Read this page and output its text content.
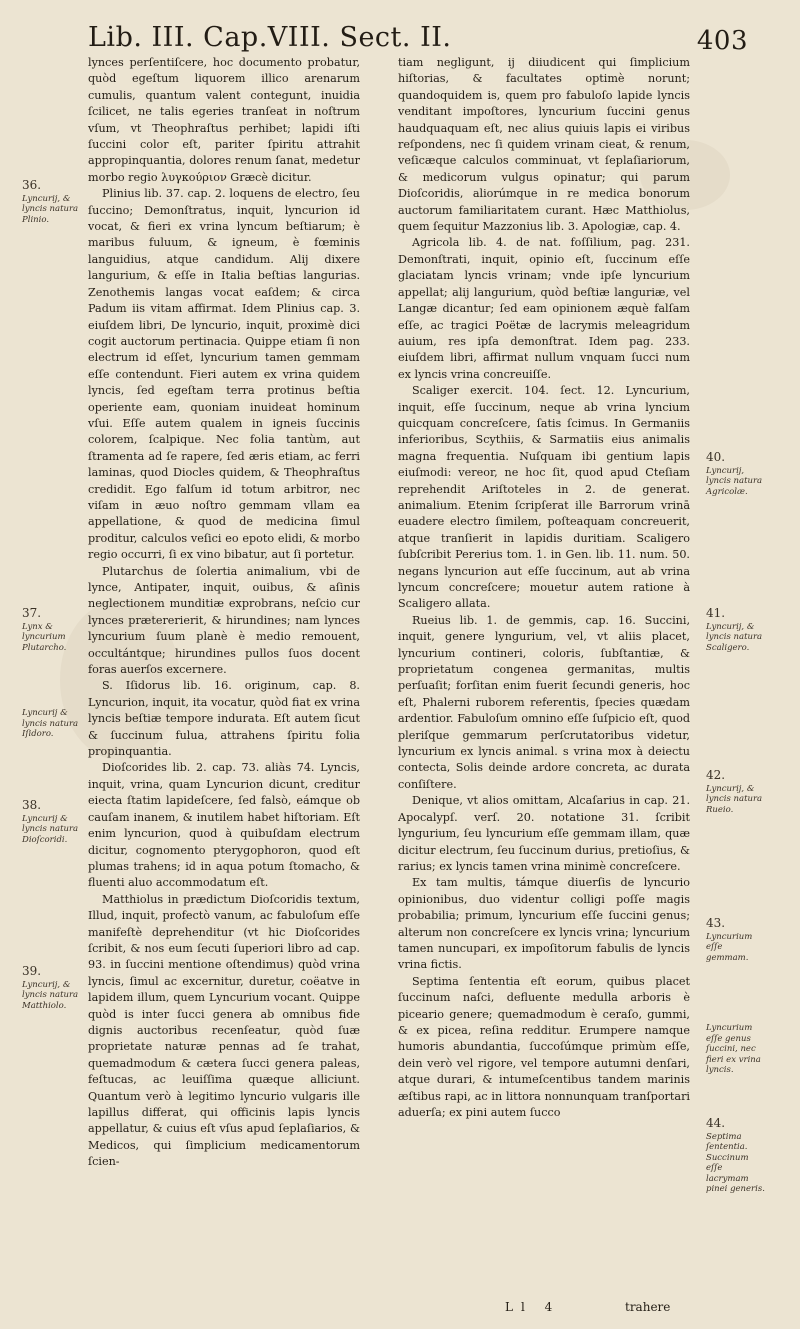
Lib. III. Cap.VIII. Sect. II.	403

lynces perſentiſcere, hoc documento probatur, quòd egeſtum liquorem illico arenarum cumulis, quantum valent contegunt, inuidia ſcilicet, ne talis egeries tranſeat in noſtrum vſum, vt Theophraſtus perhibet; lapidi iſti ſuccini color eſt, pariter ſpiritu attrahit appropinquantia, dolores renum ſanat, medetur morbo regio λυγκούριον Græcè dicitur.

Plinius lib. 37. cap. 2. loquens de electro, ſeu ſuccino; Demonſtratus, inquit, lyncurion id vocat, & fieri ex vrina lyncum beſtiarum; è maribus fuluum, & igneum, è fœminis languidius, atque candidum. Alij dixere langurium, & eſſe in Italia beſtias langurias. Zenothemis langas vocat eaſdem; & circa Padum iis vitam affirmat. Idem Plinius cap. 3. eiuſdem libri, De lyncurio, inquit, proximè dici cogit auctorum pertinacia. Quippe etiam ſi non electrum id eſſet, lyncurium tamen gemmam eſſe contendunt. Fieri autem ex vrina quidem lyncis, ſed egeſtam terra protinus beſtia operiente eam, quoniam inuideat hominum vſui. Eſſe autem qualem in igneis ſuccinis colorem, ſcalpique. Nec folia tantùm, aut ſtramenta ad ſe rapere, ſed æris etiam, ac ferri laminas, quod Diocles quidem, & Theophraſtus credidit. Ego falſum id totum arbitror, nec viſam in æuo noſtro gemmam vllam ea appellatione, & quod de medicina ſimul proditur, calculos veſici eo epoto elidi, & morbo regio occurri, ſi ex vino bibatur, aut ſi portetur.

Plutarchus de ſolertia animalium, vbi de lynce, Antipater, inquit, ouibus, & aſinis neglectionem munditiæ exprobrans, neſcio cur lynces prætererierit, & hirundines; nam lynces lyncurium ſuum planè è medio remouent, occultántque; hirundines pullos ſuos docent foras auerſos excernere.

S. Iſidorus lib. 16. originum, cap. 8. Lyncurion, inquit, ita vocatur, quòd fiat ex vrina lyncis beſtiæ tempore indurata. Eſt autem ſicut & ſuccinum fulua, attrahens ſpiritu folia propinquantia.

Dioſcorides lib. 2. cap. 73. aliàs 74. Lyncis, inquit, vrina, quam Lyncurion dicunt, creditur eiecta ſtatim lapideſcere, ſed falsò, eámque ob cauſam inanem, & inutilem habet hiſtoriam. Eſt enim lyncurion, quod à quibuſdam electrum dicitur, cognomento pterygophoron, quod eſt plumas trahens; id in aqua potum ſtomacho, & fluenti aluo accommodatum eſt.

Matthiolus in prædictum Dioſcoridis textum, Illud, inquit, profectò vanum, ac fabuloſum eſſe manifeſtè deprehenditur (vt hic Dioſcorides ſcribit, & nos eum ſecuti ſuperiori libro ad cap. 93. in ſuccini mentione oſtendimus) quòd vrina lyncis, ſimul ac excernitur, duretur, coëatve in lapidem illum, quem Lyncurium vocant. Quippe quòd is inter ſucci genera ab omnibus fide dignis auctoribus recenſeatur, quòd ſuæ proprietate naturæ pennas ad ſe trahat, quemadmodum & cætera ſucci genera paleas, feſtucas, ac leuiſſima quæque alliciunt. Quantum verò à legitimo lyncurio vulgaris ille lapillus differat, qui officinis lapis lyncis appellatur, & cuius eſt vſus apud ſeplaſiarios, & Medicos, qui ſimplicium medicamentorum ſcien-

tiam negligunt, ij diiudicent qui ſimplicium hiſtorias, & facultates optimè norunt; quandoquidem is, quem pro fabuloſo lapide lyncis venditant impoſtores, lyncurium ſuccini genus haudquaquam eſt, nec alius quiuis lapis ei viribus reſpondens, nec ſi quidem vrinam cieat, & renum, veſicæque calculos comminuat, vt ſeplaſiariorum, & medicorum vulgus opinatur; qui parum Dioſcoridis, aliorúmque in re medica bonorum auctorum familiaritatem curant. Hæc Matthiolus, quem ſequitur Mazzonius lib. 3. Apologiæ, cap. 4.

Agricola lib. 4. de nat. foſſilium, pag. 231. Demonſtrati, inquit, opinio eſt, ſuccinum eſſe glaciatam lyncis vrinam; vnde ipſe lyncurium appellat; alij langurium, quòd beſtiæ languriæ, vel Langæ dicantur; ſed eam opinionem æquè falſam eſſe, ac tragici Poëtæ de lacrymis meleagridum auium, res ipſa demonſtrat. Idem pag. 233. eiuſdem libri, affirmat nullum vnquam ſucci num ex lyncis vrina concreuiſſe.

Scaliger exercit. 104. ſect. 12. Lyncurium, inquit, eſſe ſuccinum, neque ab vrina lyncium quicquam concreſcere, ſatis ſcimus. In Germaniis inferioribus, Scythiis, & Sarmatiis eius animalis magna frequentia. Nuſquam ibi gentium lapis eiuſmodi: vereor, ne hoc ſit, quod apud Cteſiam reprehendit Ariſtoteles in 2. de generat. animalium. Etenim ſcripſerat ille Barrorum vrinā euadere electro ſimilem, poſteaquam concreuerit, atque tranſierit in lapidis duritiam. Scaligero ſubſcribit Pererius tom. 1. in Gen. lib. 11. num. 50. negans lyncurion aut eſſe ſuccinum, aut ab vrina lyncum concreſcere; mouetur autem ratione à Scaligero allata.

Rueius lib. 1. de gemmis, cap. 16. Succini, inquit, genere lyngurium, vel, vt aliis placet, lyncurium contineri, coloris, ſubſtantiæ, & proprietatum congenea germanitas, multis perſuaſit; forſitan enim fuerit ſecundi generis, hoc eſt, Phalerni ruborem referentis, ſpecies quædam ardentior. Fabuloſum omnino eſſe ſuſpicio eſt, quod pleriſque gemmarum perſcrutatoribus videtur, lyncurium ex lyncis animal. s vrina mox à deiectu contecta, Solis deinde ardore concreta, ac durata conſiſtere.

Denique, vt alios omittam, Alcaſarius in cap. 21. Apocalypſ. verſ. 20. notatione 31. ſcribit lyngurium, ſeu lyncurium eſſe gemmam illam, quæ dicitur electrum, ſeu ſuccinum durius, pretioſius, & rarius; ex lyncis tamen vrina minimè concreſcere.

Ex tam multis, támque diuerſis de lyncurio opinionibus, duo videntur colligi poſſe magis probabilia; primum, lyncurium eſſe ſuccini genus; alterum non concreſcere ex lyncis vrina; lyncurium tamen nuncupari, ex impoſitorum fabulis de lyncis vrina fictis.

Septima ſententia eſt eorum, quibus placet ſuccinum naſci, defluente medulla arboris è piceario genere; quemadmodum è ceraſo, gummi, & ex picea, reſina redditur. Erumpere namque humoris abundantia, ſuccoſúmque primùm eſſe, dein verò vel rigore, vel tempore autumni denſari, atque durari, & intumeſcentibus tandem marinis æſtibus rapi, ac in littora nonnunquam tranſportari aduerſa; ex pini autem ſucco

36.
Lyncurij, & lyncis natura Plinio.
37.
Lynx & lyncurium Plutarcho.
Lyncurij & lyncis natura Iſidoro.
38.
Lyncurij & lyncis natura Dioſcoridi.
39.
Lyncurij, & lyncis natura Matthiolo.
40.
Lyncurij, lyncis natura Agricolæ.
41.
Lyncurij, & lyncis natura Scaligero.
42.
Lyncurij, & lyncis natura Rueio.
43.
Lyncurium eſſe gemmam.
Lyncurium eſſe genus ſuccini, nec fieri ex vrina lyncis.
44.
Septima ſententia. Succinum eſſe lacrymam pinei generis.
Ll 4	trahere
